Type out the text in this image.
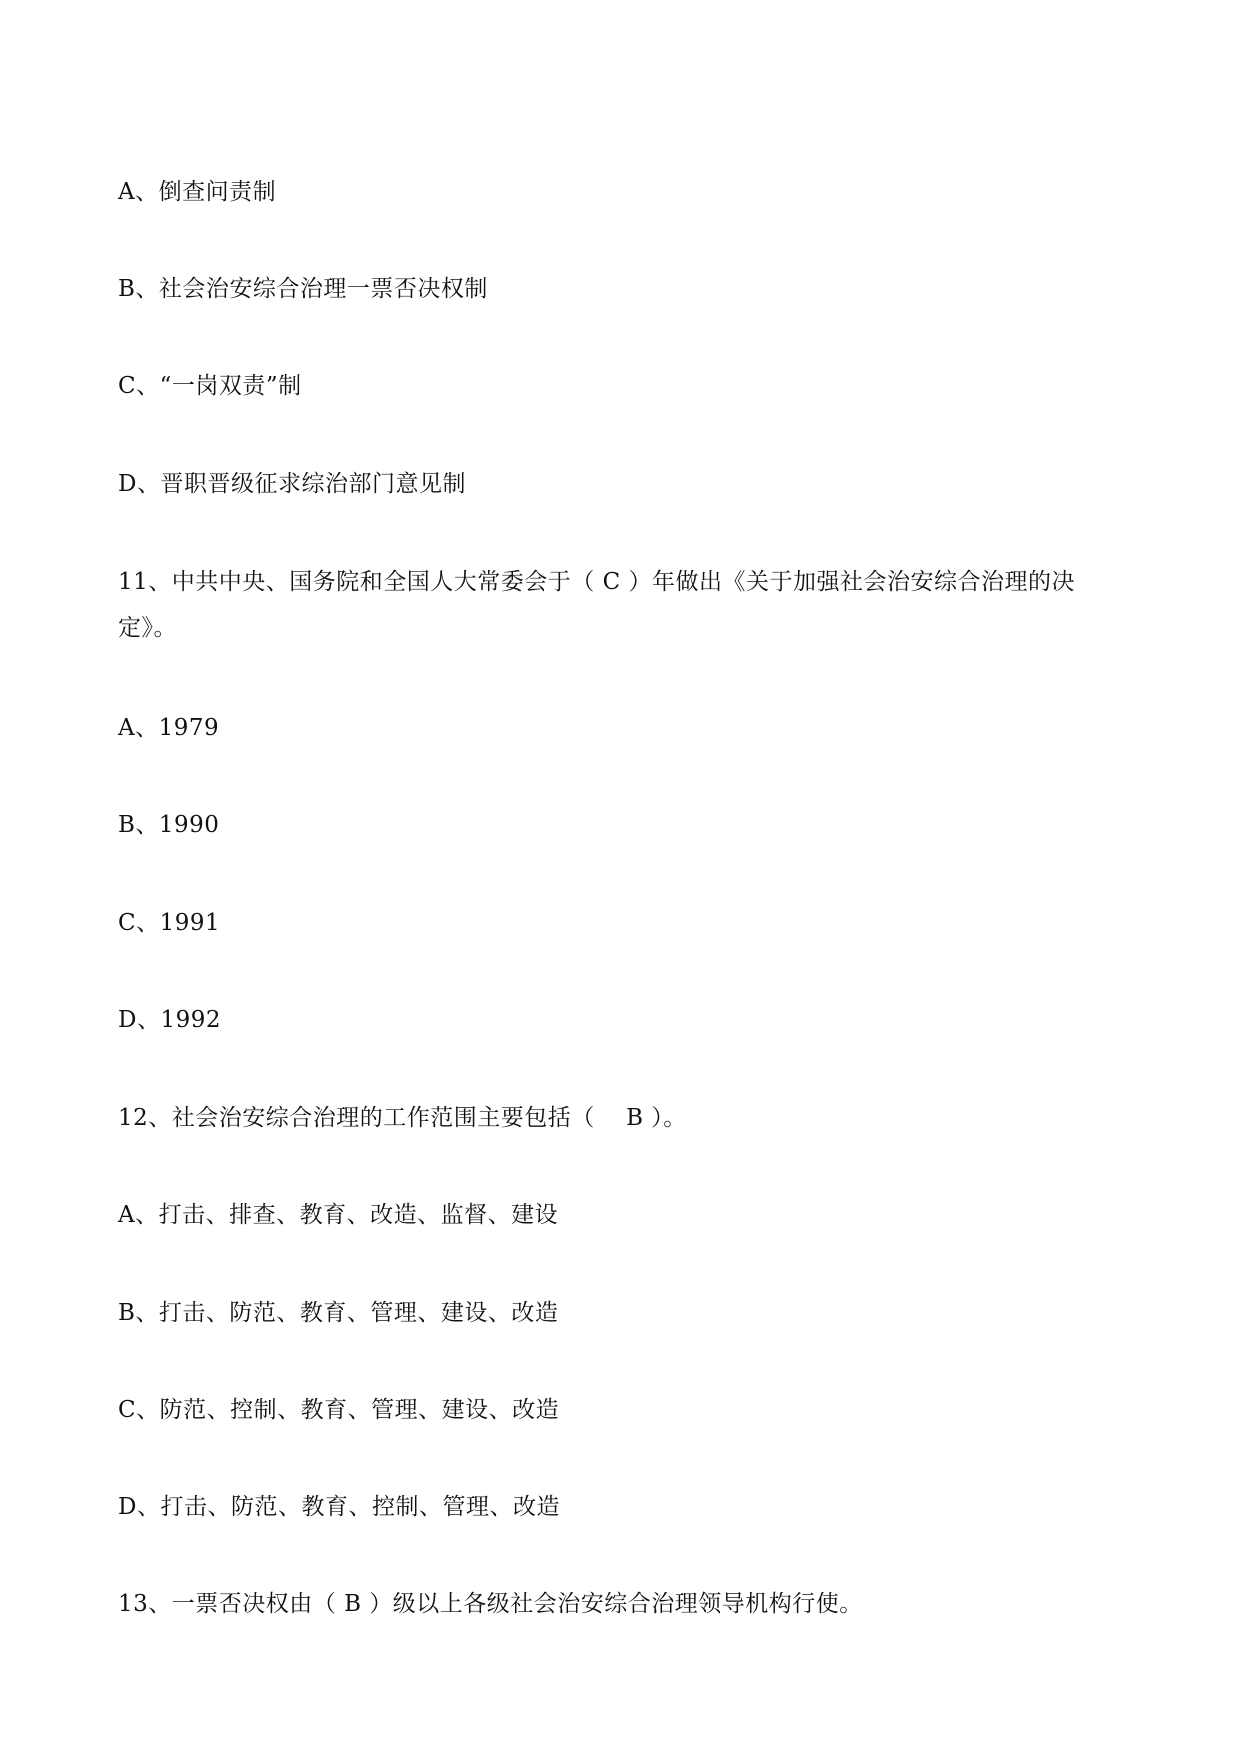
A、倒查问责制
B、社会治安综合治理一票否决权制
C、“一岗双责”制
D、晋职晋级征求综治部门意见制
11、中共中央、国务院和全国人大常委会于（ C ）年做出《关于加强社会治安综合治理的决定》。
A、1979
B、1990
C、1991
D、1992
12、社会治安综合治理的工作范围主要包括（　 B ）。
A、打击、排查、教育、改造、监督、建设
B、打击、防范、教育、管理、建设、改造
C、防范、控制、教育、管理、建设、改造
D、打击、防范、教育、控制、管理、改造
13、一票否决权由（ B ）级以上各级社会治安综合治理领导机构行使。
